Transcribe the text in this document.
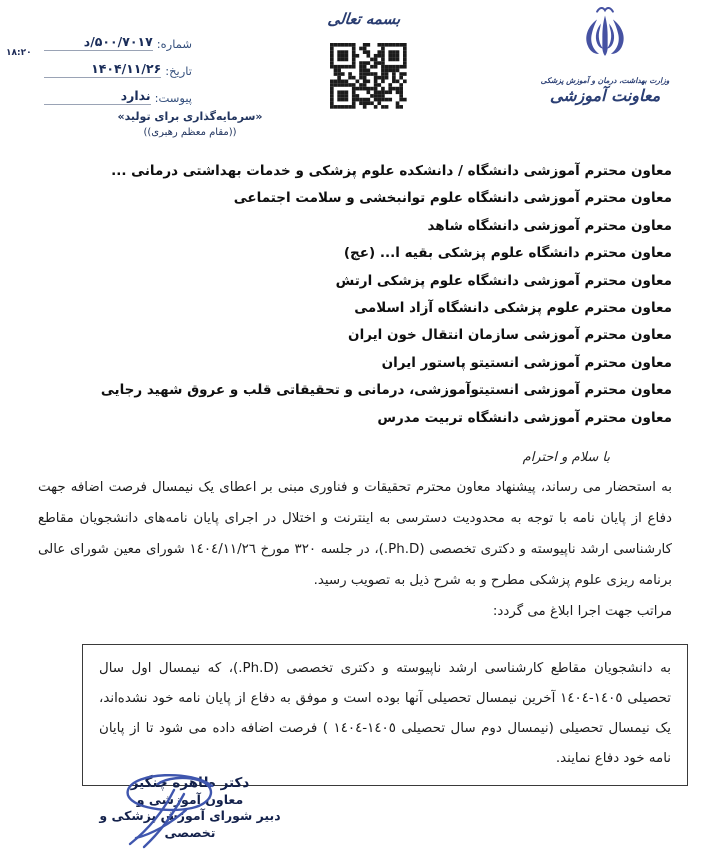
۱۸:۲۰
شماره:
۵۰۰/۷۰۱۷/د
تاریخ:
۱۴۰۴/۱۱/۲۶
پیوست:
ندارد
«سرمایه‌گذاری برای تولید»
((مقام معظم رهبری))
بسمه تعالی
وزارت بهداشت، درمان و آموزش پزشکی
معاونت آموزشی
معاون محترم آموزشی دانشگاه / دانشکده علوم پزشکی و خدمات بهداشتی درمانی ...
معاون محترم آموزشی دانشگاه علوم توانبخشی و سلامت اجتماعی
معاون محترم آموزشی دانشگاه شاهد
معاون محترم دانشگاه علوم پزشکی بقیه ا... (عج)
معاون محترم آموزشی دانشگاه علوم پزشکی ارتش
معاون محترم علوم پزشکی دانشگاه آزاد اسلامی
معاون محترم آموزشی سازمان انتقال خون ایران
معاون محترم آموزشی انستیتو پاستور ایران
معاون محترم آموزشی انستیتوآموزشی، درمانی و تحقیقاتی قلب و عروق شهید رجایی
معاون محترم آموزشی دانشگاه تربیت مدرس
با سلام و احترام
به استحضار می رساند، پیشنهاد معاون محترم تحقیقات و فناوری مبنی بر اعطای یک نیمسال فرصت اضافه جهت دفاع از پایان نامه با توجه به محدودیت دسترسی به اینترنت و اختلال در اجرای پایان نامه‌های دانشجویان مقاطع کارشناسی ارشد ناپیوسته و دکتری تخصصی (Ph.D.)، در جلسه ٣٢٠ مورخ ١٤٠٤/١١/٢٦ شورای معین شورای عالی برنامه ریزی علوم پزشکی مطرح و به شرح ذیل به تصویب رسید.
مراتب جهت اجرا ابلاغ می گردد:
به دانشجویان مقاطع کارشناسی ارشد ناپیوسته و دکتری تخصصی (Ph.D.)، که نیمسال اول سال تحصیلی ١٤٠٥-١٤٠٤ آخرین نیمسال تحصیلی آنها بوده است و موفق به دفاع از پایان نامه خود نشده‌اند، یک نیمسال تحصیلی (نیمسال دوم سال تحصیلی ١٤٠٥-١٤٠٤ ) فرصت اضافه داده می شود تا از پایان نامه خود دفاع نمایند.
دکتر طاهره چنگیز
معاون آموزشی و
دبیر شورای آموزش پزشکی و تخصصی
